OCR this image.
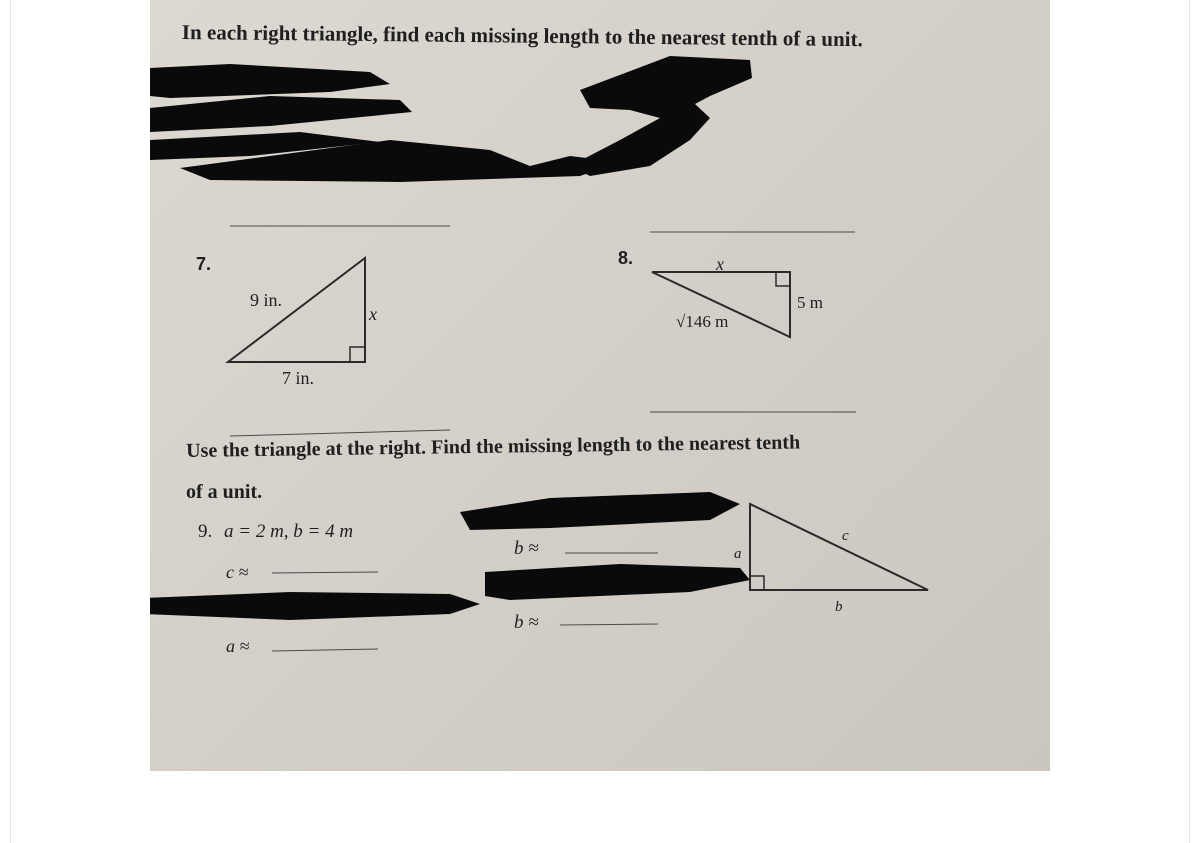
In each right triangle, find each missing length to the nearest tenth of a unit.
7.
9 in.
x
7 in.
8.	x
5 m
√146 m
Use the triangle at the right. Find the missing length to the nearest tenth
of a unit.
9. a = 2 m, b = 4 m
c ≈
a ≈
b ≈
b ≈
a
b
c
